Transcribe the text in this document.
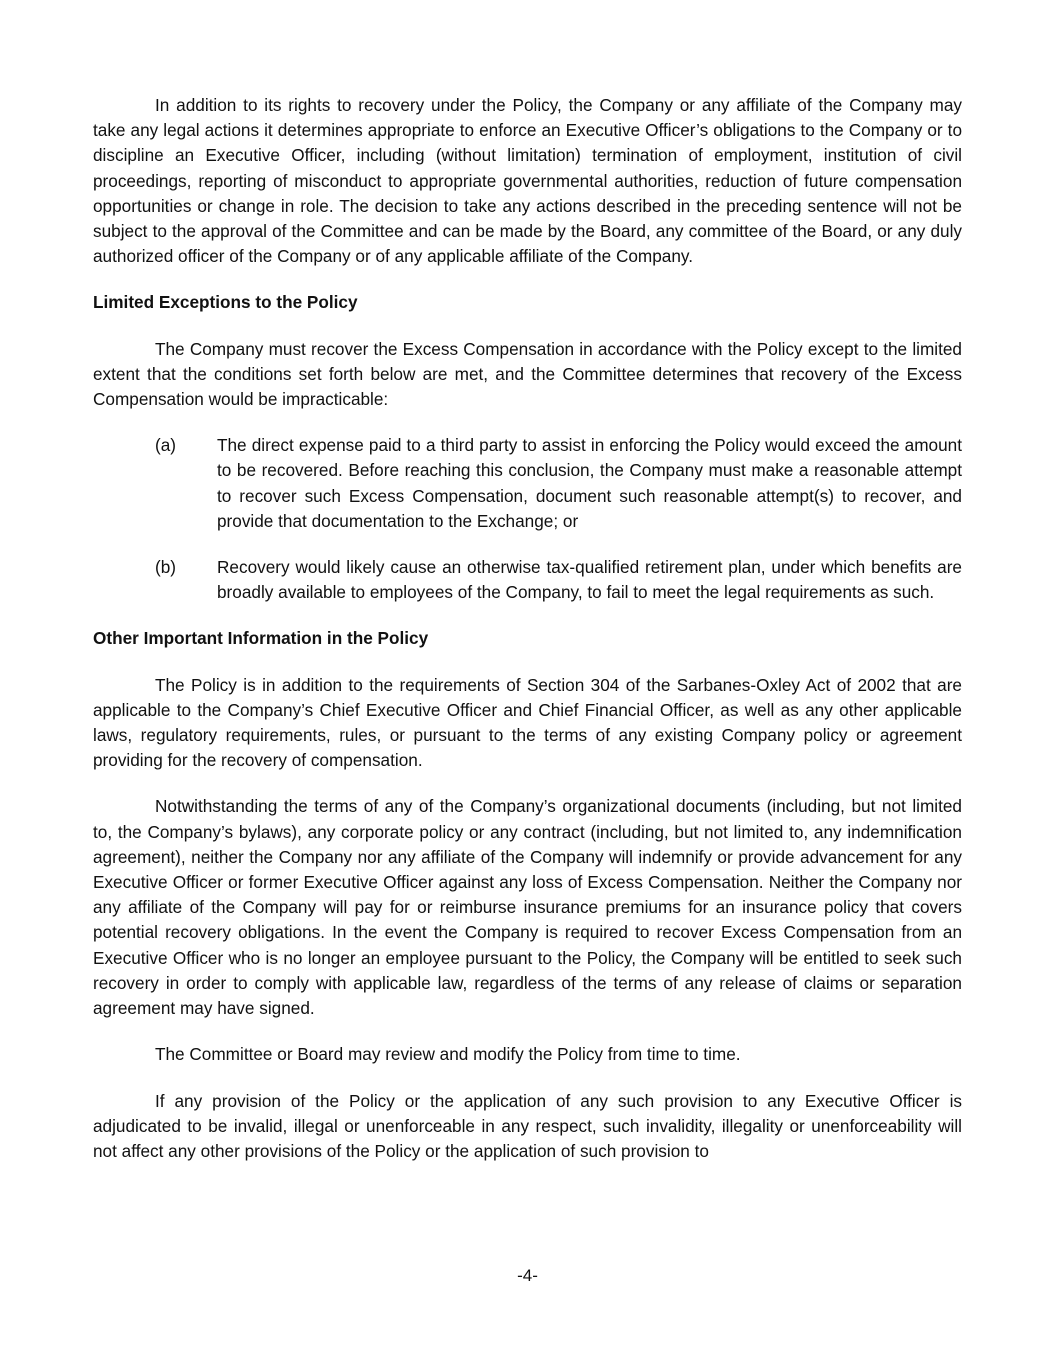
In addition to its rights to recovery under the Policy, the Company or any affiliate of the Company may take any legal actions it determines appropriate to enforce an Executive Officer’s obligations to the Company or to discipline an Executive Officer, including (without limitation) termination of employment, institution of civil proceedings, reporting of misconduct to appropriate governmental authorities, reduction of future compensation opportunities or change in role. The decision to take any actions described in the preceding sentence will not be subject to the approval of the Committee and can be made by the Board, any committee of the Board, or any duly authorized officer of the Company or of any applicable affiliate of the Company.

Limited Exceptions to the Policy

The Company must recover the Excess Compensation in accordance with the Policy except to the limited extent that the conditions set forth below are met, and the Committee determines that recovery of the Excess Compensation would be impracticable:

(a) The direct expense paid to a third party to assist in enforcing the Policy would exceed the amount to be recovered. Before reaching this conclusion, the Company must make a reasonable attempt to recover such Excess Compensation, document such reasonable attempt(s) to recover, and provide that documentation to the Exchange; or
(b) Recovery would likely cause an otherwise tax-qualified retirement plan, under which benefits are broadly available to employees of the Company, to fail to meet the legal requirements as such.
Other Important Information in the Policy

The Policy is in addition to the requirements of Section 304 of the Sarbanes-Oxley Act of 2002 that are applicable to the Company’s Chief Executive Officer and Chief Financial Officer, as well as any other applicable laws, regulatory requirements, rules, or pursuant to the terms of any existing Company policy or agreement providing for the recovery of compensation.

Notwithstanding the terms of any of the Company’s organizational documents (including, but not limited to, the Company’s bylaws), any corporate policy or any contract (including, but not limited to, any indemnification agreement), neither the Company nor any affiliate of the Company will indemnify or provide advancement for any Executive Officer or former Executive Officer against any loss of Excess Compensation. Neither the Company nor any affiliate of the Company will pay for or reimburse insurance premiums for an insurance policy that covers potential recovery obligations. In the event the Company is required to recover Excess Compensation from an Executive Officer who is no longer an employee pursuant to the Policy, the Company will be entitled to seek such recovery in order to comply with applicable law, regardless of the terms of any release of claims or separation agreement may have signed.

The Committee or Board may review and modify the Policy from time to time.

If any provision of the Policy or the application of any such provision to any Executive Officer is adjudicated to be invalid, illegal or unenforceable in any respect, such invalidity, illegality or unenforceability will not affect any other provisions of the Policy or the application of such provision to

-4-
